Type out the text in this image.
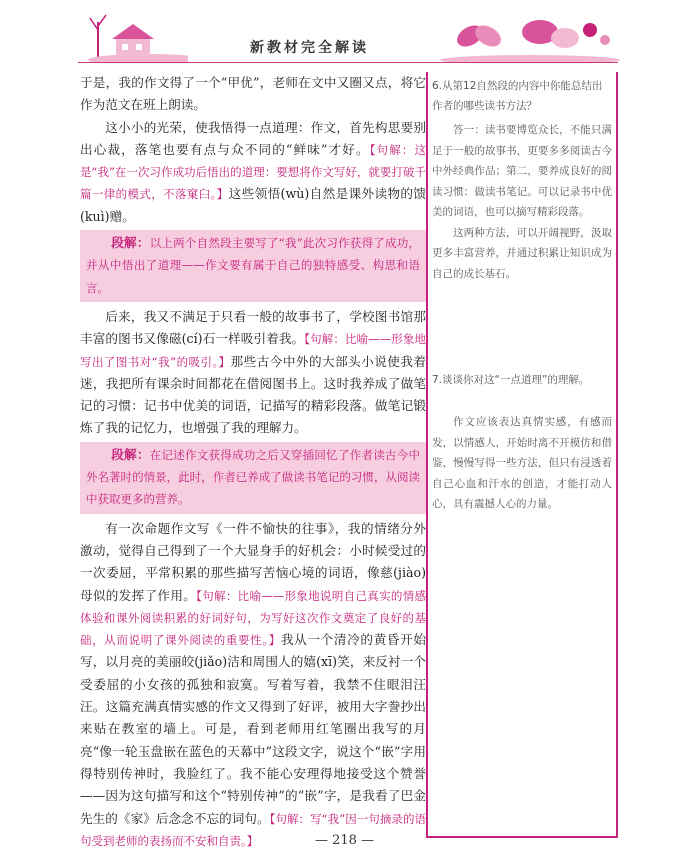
新教材完全解读

于是，我的作文得了一个“甲优”，老师在文中又圈又点，将它作为范文在班上朗读。

这小小的光荣，使我悟得一点道理：作文，首先构思要别出心裁，落笔也要有点与众不同的“鲜味”才好。【句解：这是“我”在一次习作成功后悟出的道理：要想将作文写好，就要打破千篇一律的模式，不落窠臼。】这些领悟(wù)自然是课外读物的馈(kuì)赠。

段解：以上两个自然段主要写了“我”此次习作获得了成功，并从中悟出了道理——作文要有属于自己的独特感受、构思和语言。

后来，我又不满足于只看一般的故事书了，学校图书馆那丰富的图书又像磁(cí)石一样吸引着我。【句解：比喻——形象地写出了图书对“我”的吸引。】那些古今中外的大部头小说使我着迷，我把所有课余时间都花在借阅图书上。这时我养成了做笔记的习惯：记书中优美的词语，记描写的精彩段落。做笔记锻炼了我的记忆力，也增强了我的理解力。

段解：在记述作文获得成功之后又穿插回忆了作者读古今中外名著时的情景，此时，作者已养成了做读书笔记的习惯，从阅读中获取更多的营养。

有一次命题作文写《一件不愉快的往事》，我的情绪分外激动，觉得自己得到了一个大显身手的好机会：小时候受过的一次委屈，平常积累的那些描写苦恼心境的词语，像慈(jiào)母似的发挥了作用。【句解：比喻——形象地说明自己真实的情感体验和课外阅读积累的好词好句，为写好这次作文奠定了良好的基础，从而说明了课外阅读的重要性。】我从一个清冷的黄昏开始写，以月亮的美丽皎(jiǎo)洁和周围人的嬉(xī)笑，来反衬一个受委屈的小女孩的孤独和寂寞。写着写着，我禁不住眼泪汪汪。这篇充满真情实感的作文又得到了好评，被用大字誊抄出来贴在教室的墙上。可是，看到老师用红笔圈出我写的月亮“像一轮玉盘嵌在蓝色的天幕中”这段文字，说这个“嵌”字用得特别传神时，我脸红了。我不能心安理得地接受这个赞誉——因为这句描写和这个“特别传神”的“嵌”字，是我看了巴金先生的《家》后念念不忘的词句。【句解：写“我”因一句摘录的语句受到老师的表扬而不安和自责。】

6.从第12自然段的内容中你能总结出作者的哪些读书方法？

答一：读书要博览众长，不能只满足于一般的故事书，更要多多阅读古今中外经典作品；第二，要养成良好的阅读习惯：做读书笔记。可以记录书中优美的词语，也可以摘写精彩段落。

这两种方法，可以开阔视野，汲取更多丰富营养，并通过积累让知识成为自己的成长基石。

7.谈谈你对这“一点道理”的理解。

作文应该表达真情实感，有感而发，以情感人，开始时离不开模仿和借鉴，慢慢写得一些方法，但只有浸透着自己心血和汗水的创造，才能打动人心，具有震撼人心的力量。

— 218 —
